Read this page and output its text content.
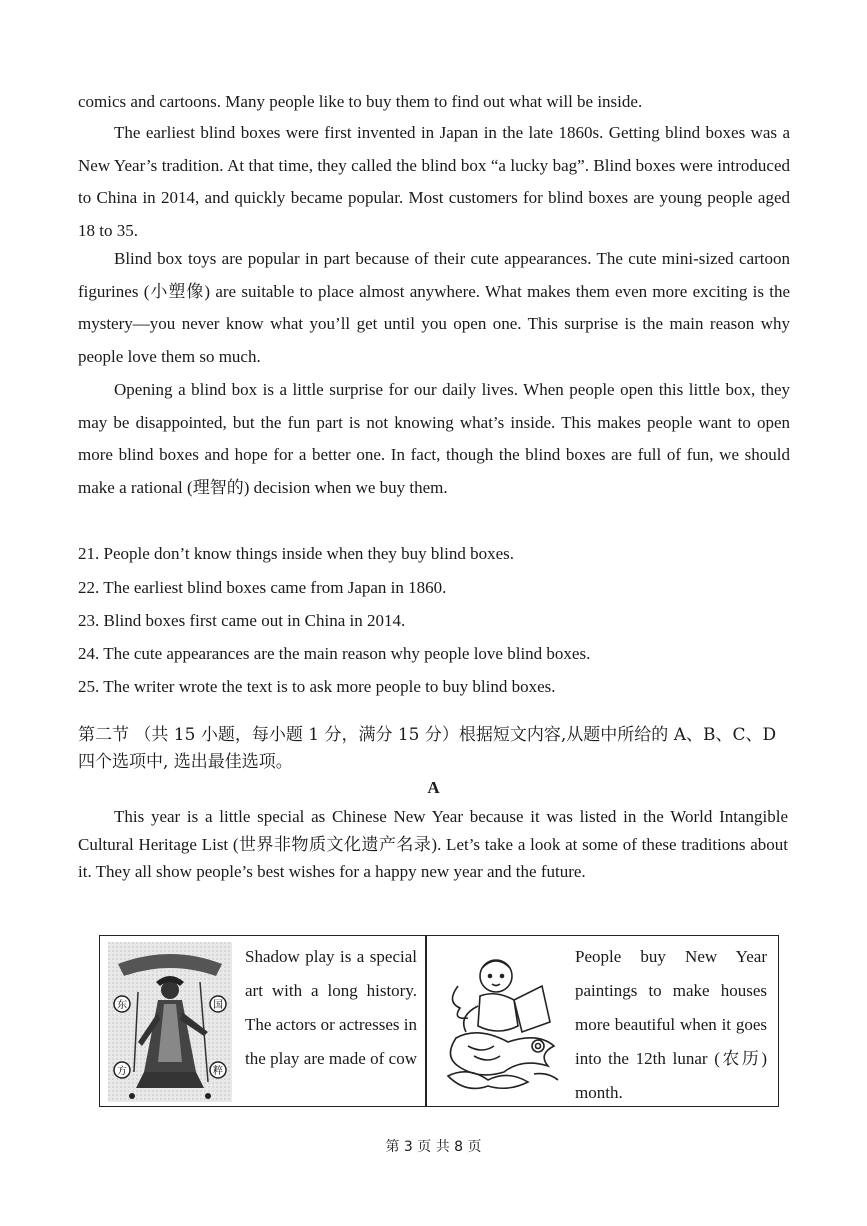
comics and cartoons. Many people like to buy them to find out what will be inside.

The earliest blind boxes were first invented in Japan in the late 1860s. Getting blind boxes was a New Year’s tradition. At that time, they called the blind box “a lucky bag”. Blind boxes were introduced to China in 2014, and quickly became popular. Most customers for blind boxes are young people aged 18 to 35.

Blind box toys are popular in part because of their cute appearances. The cute mini-sized cartoon figurines (小塑像) are suitable to place almost anywhere. What makes them even more exciting is the mystery—you never know what you’ll get until you open one. This surprise is the main reason why people love them so much.

Opening a blind box is a little surprise for our daily lives. When people open this little box, they may be disappointed, but the fun part is not knowing what’s inside. This makes people want to open more blind boxes and hope for a better one. In fact, though the blind boxes are full of fun, we should make a rational (理智的) decision when we buy them.

21. People don’t know things inside when they buy blind boxes.

22. The earliest blind boxes came from Japan in 1860.

23. Blind boxes first came out in China in 2014.

24. The cute appearances are the main reason why people love blind boxes.

25. The writer wrote the text is to ask more people to buy blind boxes.

第二节 （共 15 小题，每小题 1 分，满分 15 分）根据短文内容,从题中所给的 A、B、C、D 四个选项中, 选出最佳选项。

A

This year is a little special as Chinese New Year because it was listed in the World Intangible Cultural Heritage List (世界非物质文化遗产名录). Let’s take a look at some of these traditions about it. They all show people’s best wishes for a happy new year and the future.

东	国
方	粹

Shadow play is a special art with a long history. The actors or actresses in the play are made of cow

People buy New Year paintings to make houses more beautiful when it goes into the 12th lunar (农历) month.

第 3 页 共 8 页
